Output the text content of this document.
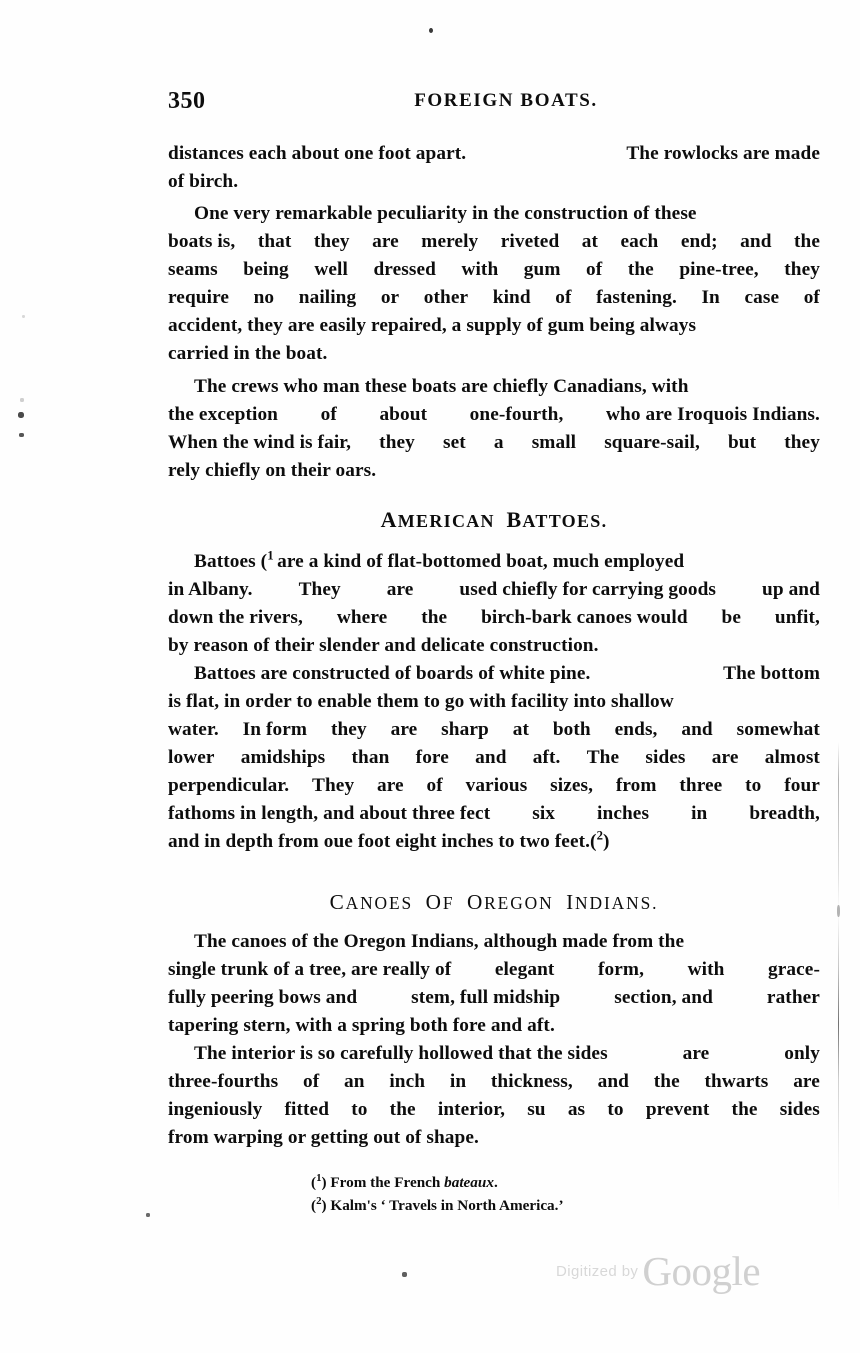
350	FOREIGN BOATS.
distances each about one foot apart.	The rowlocks are made
of birch.
One very remarkable peculiarity in the construction of these
boats is, that they are merely riveted at each end; and the
seams being well dressed with gum of the pine-tree, they
require no nailing or other kind of fastening. In case of
accident, they are easily repaired, a supply of gum being always
carried in the boat.
The crews who man these boats are chiefly Canadians, with
the exception of about one-fourth, who are Iroquois Indians.
When the wind is fair, they set a small square-sail, but they
rely chiefly on their oars.
AMERICAN BATTOES.
Battoes ($^1$ are a kind of flat-bottomed boat, much employed
in Albany. They are used chiefly for carrying goods up and
down the rivers, where the birch-bark canoes would be unfit,
by reason of their slender and delicate construction.
Battoes are constructed of boards of white pine.	The bottom
is flat, in order to enable them to go with facility into shallow
water. In form they are sharp at both ends, and somewhat
lower amidships than fore and aft. The sides are almost
perpendicular. They are of various sizes, from three to four
fathoms in length, and about three fect six inches in breadth,
and in depth from oue foot eight inches to two feet.($^2$)
CANOES OF OREGON INDIANS.
The canoes of the Oregon Indians, although made from the
single trunk of a tree, are really of elegant form, with grace-
fully peering bows and	stem, full midship	section, and	rather
tapering stern, with a spring both fore and aft.
The interior is so carefully hollowed that the sides	are	only
three-fourths of an inch in thickness, and the thwarts are
ingeniously fitted to the interior, su as to prevent the sides
from warping or getting out of shape.
($^1$) From the French bateaux.
($^2$) Kalm's ‘ Travels in North America.’
Digitized by Google
